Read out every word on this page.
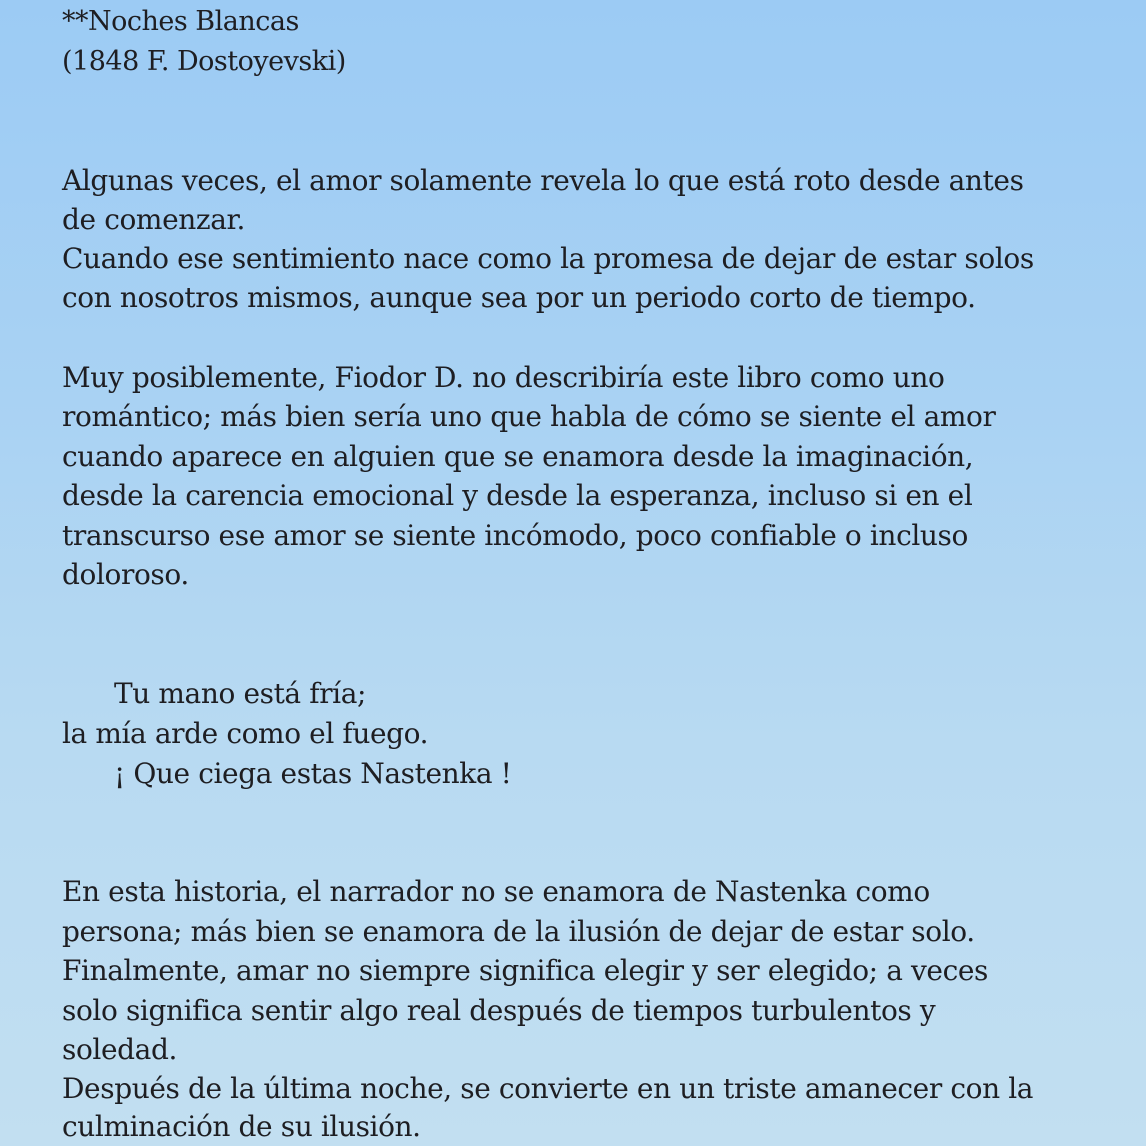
**Noches Blancas

(1848 F. Dostoyevski)

Algunas veces, el amor solamente revela lo que está roto desde antes

de comenzar.

Cuando ese sentimiento nace como la promesa de dejar de estar solos

con nosotros mismos, aunque sea por un periodo corto de tiempo.

Muy posiblemente, Fiodor D. no describiría este libro como uno

romántico; más bien sería uno que habla de cómo se siente el amor

cuando aparece en alguien que se enamora desde la imaginación,

desde la carencia emocional y desde la esperanza, incluso si en el

transcurso ese amor se siente incómodo, poco confiable o incluso

doloroso.

Tu mano está fría;

la mía arde como el fuego.

¡ Que ciega estas Nastenka !

En esta historia, el narrador no se enamora de Nastenka como

persona; más bien se enamora de la ilusión de dejar de estar solo.

Finalmente, amar no siempre significa elegir y ser elegido; a veces

solo significa sentir algo real después de tiempos turbulentos y

soledad.

Después de la última noche, se convierte en un triste amanecer con la

culminación de su ilusión.
